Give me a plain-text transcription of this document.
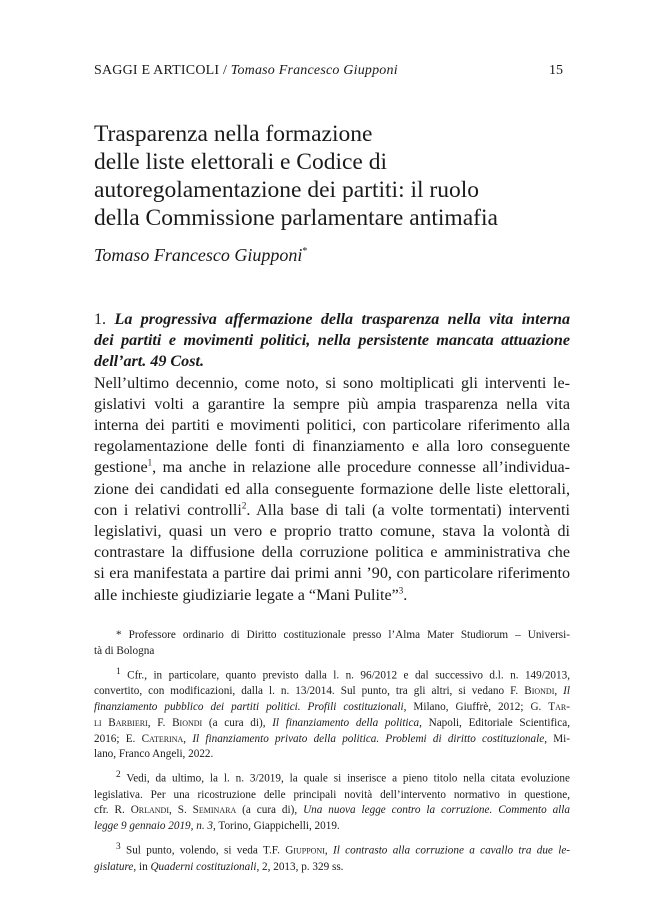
SAGGI E ARTICOLI / Tomaso Francesco Giupponi	15
Trasparenza nella formazione
delle liste elettorali e Codice di
autoregolamentazione dei partiti: il ruolo
della Commissione parlamentare antimafia
Tomaso Francesco Giupponi*
1. La progressiva affermazione della trasparenza nella vita interna
dei partiti e movimenti politici, nella persistente mancata attuazione
dell’art. 49 Cost.
Nell’ultimo decennio, come noto, si sono moltiplicati gli interventi le-
gislativi volti a garantire la sempre più ampia trasparenza nella vita
interna dei partiti e movimenti politici, con particolare riferimento alla
regolamentazione delle fonti di finanziamento e alla loro conseguente
gestione$^1$, ma anche in relazione alle procedure connesse all’individua-
zione dei candidati ed alla conseguente formazione delle liste elettorali,
con i relativi controlli$^2$. Alla base di tali (a volte tormentati) interventi
legislativi, quasi un vero e proprio tratto comune, stava la volontà di
contrastare la diffusione della corruzione politica e amministrativa che
si era manifestata a partire dai primi anni ’90, con particolare riferimento
alle inchieste giudiziarie legate a “Mani Pulite”$^3$.
* Professore ordinario di Diritto costituzionale presso l’Alma Mater Studiorum – Universi-
tà di Bologna
$^1$ Cfr., in particolare, quanto previsto dalla l. n. 96/2012 e dal successivo d.l. n. 149/2013,
convertito, con modificazioni, dalla l. n. 13/2014. Sul punto, tra gli altri, si vedano F. Biondi, Il
finanziamento pubblico dei partiti politici. Profili costituzionali, Milano, Giuffrè, 2012; G. Tar-
li Barbieri, F. Biondi (a cura di), Il finanziamento della politica, Napoli, Editoriale Scientifica,
2016; E. Caterina, Il finanziamento privato della politica. Problemi di diritto costituzionale, Mi-
lano, Franco Angeli, 2022.
$^2$ Vedi, da ultimo, la l. n. 3/2019, la quale si inserisce a pieno titolo nella citata evoluzione
legislativa. Per una ricostruzione delle principali novità dell’intervento normativo in questione,
cfr. R. Orlandi, S. Seminara (a cura di), Una nuova legge contro la corruzione. Commento alla
legge 9 gennaio 2019, n. 3, Torino, Giappichelli, 2019.
$^3$ Sul punto, volendo, si veda T.F. Giupponi, Il contrasto alla corruzione a cavallo tra due le-
gislature, in Quaderni costituzionali, 2, 2013, p. 329 ss.
